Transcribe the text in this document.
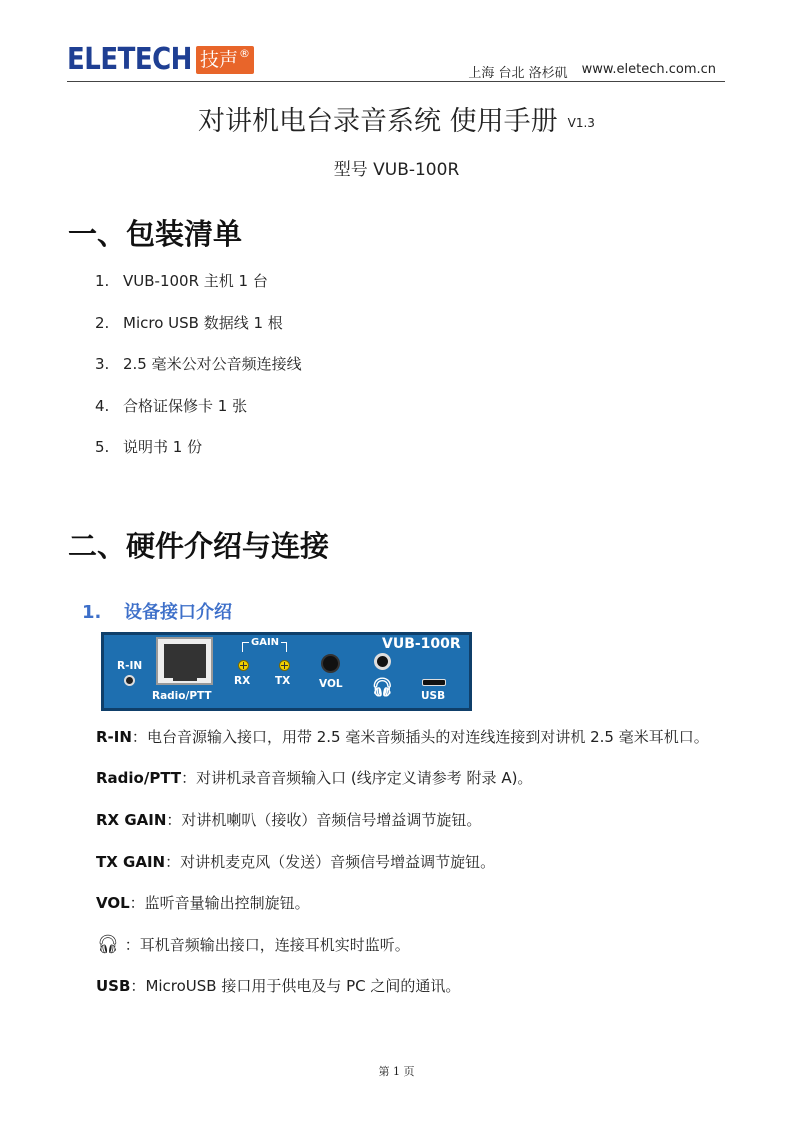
ELETECH 技声®
上海 台北 洛杉矶 www.eletech.com.cn
对讲机电台录音系统 使用手册 V1.3
型号 VUB-100R
一、包装清单
1. VUB-100R 主机 1 台
2. Micro USB 数据线 1 根
3. 2.5 毫米公对公音频连接线
4. 合格证保修卡 1 张
5. 说明书 1 份
二、硬件介绍与连接
1. 设备接口介绍
R-IN
Radio/PTT
GAIN
RX TX	VOL 🎧︎
VUB-100R
USB
R-IN：电台音源输入接口，用带 2.5 毫米音频插头的对连线连接到对讲机 2.5 毫米耳机口。
Radio/PTT：对讲机录音音频输入口 (线序定义请参考 附录 A)。
RX GAIN：对讲机喇叭（接收）音频信号增益调节旋钮。
TX GAIN：对讲机麦克风（发送）音频信号增益调节旋钮。
VOL：监听音量输出控制旋钮。
🎧︎ ：耳机音频输出接口，连接耳机实时监听。
USB：MicroUSB 接口用于供电及与 PC 之间的通讯。
第 1 页
